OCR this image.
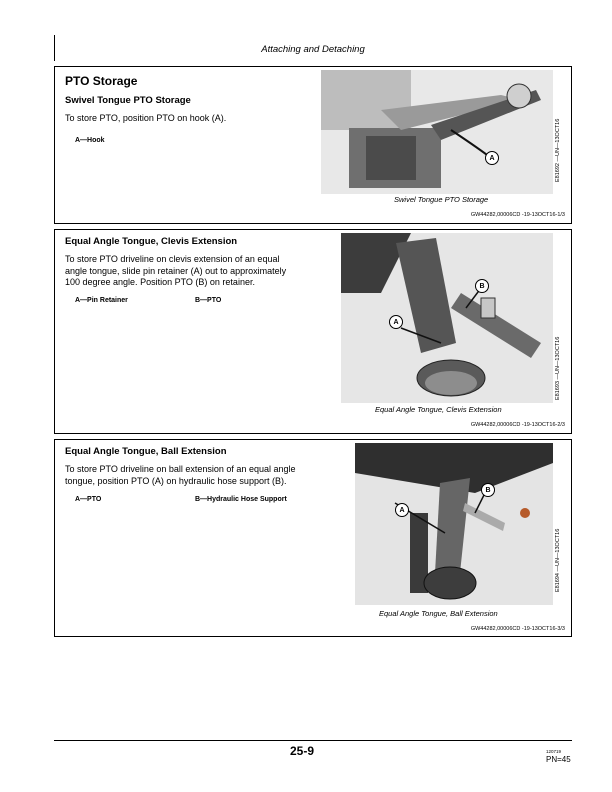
Attaching and Detaching
PTO Storage
Swivel Tongue PTO Storage
To store PTO, position PTO on hook (A).
A—Hook
A	E81692 —UN—13OCT16
Swivel Tongue PTO Storage
GW44282,00006CD -19-13OCT16-1/3
Equal Angle Tongue, Clevis Extension
To store PTO driveline on clevis extension of an equal
angle tongue, slide pin retainer (A) out to approximately
100 degree angle. Position PTO (B) on retainer.
A—Pin Retainer	B—PTO
A
B
E81693 —UN—13OCT16
Equal Angle Tongue, Clevis Extension
GW44282,00006CD -19-13OCT16-2/3
Equal Angle Tongue, Ball Extension
To store PTO driveline on ball extension of an equal angle
tongue, position PTO (A) on hydraulic hose support (B).
A—PTO	B—Hydraulic Hose Support
A
B
E81694 —UN—13OCT16
Equal Angle Tongue, Ball Extension
GW44282,00006CD -19-13OCT16-3/3
25-9	120719
PN=45
